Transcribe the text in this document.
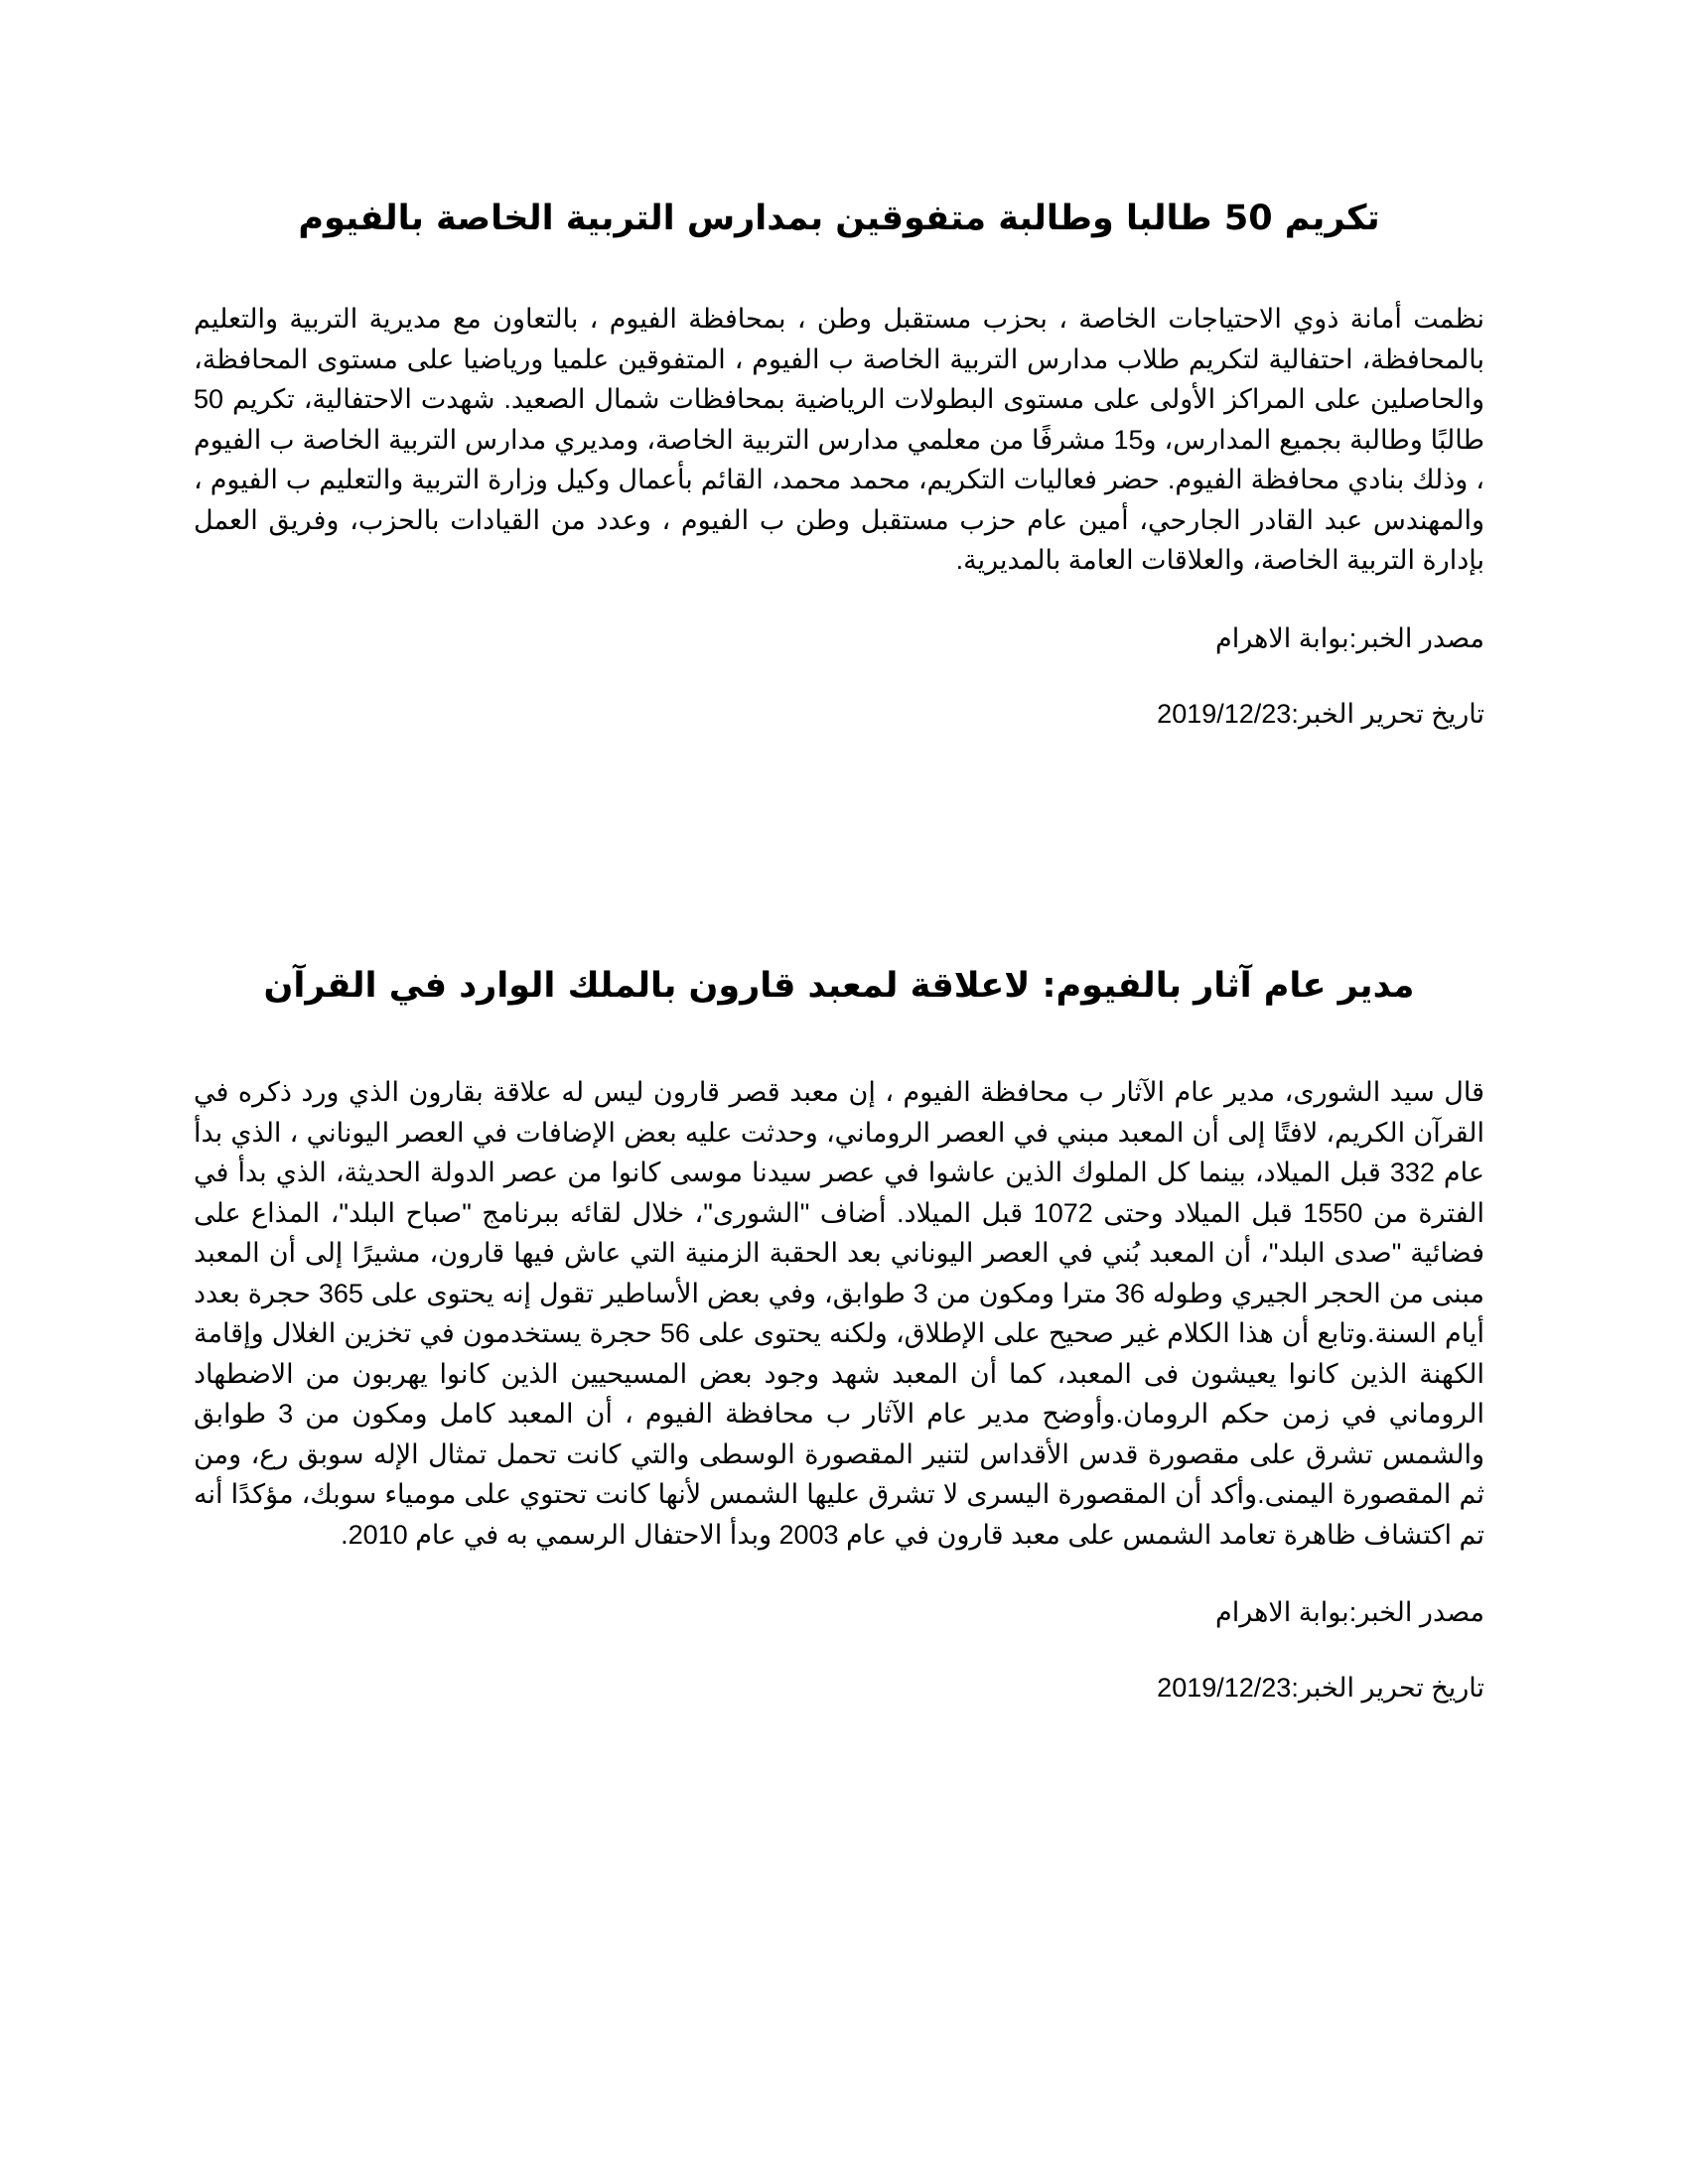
تكريم 50 طالبا وطالبة متفوقين بمدارس التربية الخاصة بالفيوم

نظمت أمانة ذوي الاحتياجات الخاصة ، بحزب مستقبل وطن ، بمحافظة الفيوم ، بالتعاون مع مديرية التربية والتعليم بالمحافظة، احتفالية لتكريم طلاب مدارس التربية الخاصة ب الفيوم ، المتفوقين علميا ورياضيا على مستوى المحافظة، والحاصلين على المراكز الأولى على مستوى البطولات الرياضية بمحافظات شمال الصعيد. شهدت الاحتفالية، تكريم 50 طالبًا وطالبة بجميع المدارس، و15 مشرفًا من معلمي مدارس التربية الخاصة، ومديري مدارس التربية الخاصة ب الفيوم ، وذلك بنادي محافظة الفيوم. حضر فعاليات التكريم، محمد محمد، القائم بأعمال وكيل وزارة التربية والتعليم ب الفيوم ، والمهندس عبد القادر الجارحي، أمين عام حزب مستقبل وطن ب الفيوم ، وعدد من القيادات بالحزب، وفريق العمل بإدارة التربية الخاصة، والعلاقات العامة بالمديرية.

مصدر الخبر:بوابة الاهرام
تاريخ تحرير الخبر:2019/12/23
مدير عام آثار بالفيوم: لاعلاقة لمعبد قارون بالملك الوارد في القرآن

قال سيد الشورى، مدير عام الآثار ب محافظة الفيوم ، إن معبد قصر قارون ليس له علاقة بقارون الذي ورد ذكره في القرآن الكريم، لافتًا إلى أن المعبد مبني في العصر الروماني، وحدثت عليه بعض الإضافات في العصر اليوناني ، الذي بدأ عام 332 قبل الميلاد، بينما كل الملوك الذين عاشوا في عصر سيدنا موسى كانوا من عصر الدولة الحديثة، الذي بدأ في الفترة من 1550 قبل الميلاد وحتى 1072 قبل الميلاد. أضاف "الشورى"، خلال لقائه ببرنامج "صباح البلد"، المذاع على فضائية "صدى البلد"، أن المعبد بُني في العصر اليوناني بعد الحقبة الزمنية التي عاش فيها قارون، مشيرًا إلى أن المعبد مبنى من الحجر الجيري وطوله 36 مترا ومكون من 3 طوابق، وفي بعض الأساطير تقول إنه يحتوى على 365 حجرة بعدد أيام السنة.وتابع أن هذا الكلام غير صحيح على الإطلاق، ولكنه يحتوى على 56 حجرة يستخدمون في تخزين الغلال وإقامة الكهنة الذين كانوا يعيشون فى المعبد، كما أن المعبد شهد وجود بعض المسيحيين الذين كانوا يهربون من الاضطهاد الروماني في زمن حكم الرومان.وأوضح مدير عام الآثار ب محافظة الفيوم ، أن المعبد كامل ومكون من 3 طوابق والشمس تشرق على مقصورة قدس الأقداس لتنير المقصورة الوسطى والتي كانت تحمل تمثال الإله سوبق رع، ومن ثم المقصورة اليمنى.وأكد أن المقصورة اليسرى لا تشرق عليها الشمس لأنها كانت تحتوي على مومياء سوبك، مؤكدًا أنه تم اكتشاف ظاهرة تعامد الشمس على معبد قارون في عام 2003 وبدأ الاحتفال الرسمي به في عام 2010.

مصدر الخبر:بوابة الاهرام
تاريخ تحرير الخبر:2019/12/23
